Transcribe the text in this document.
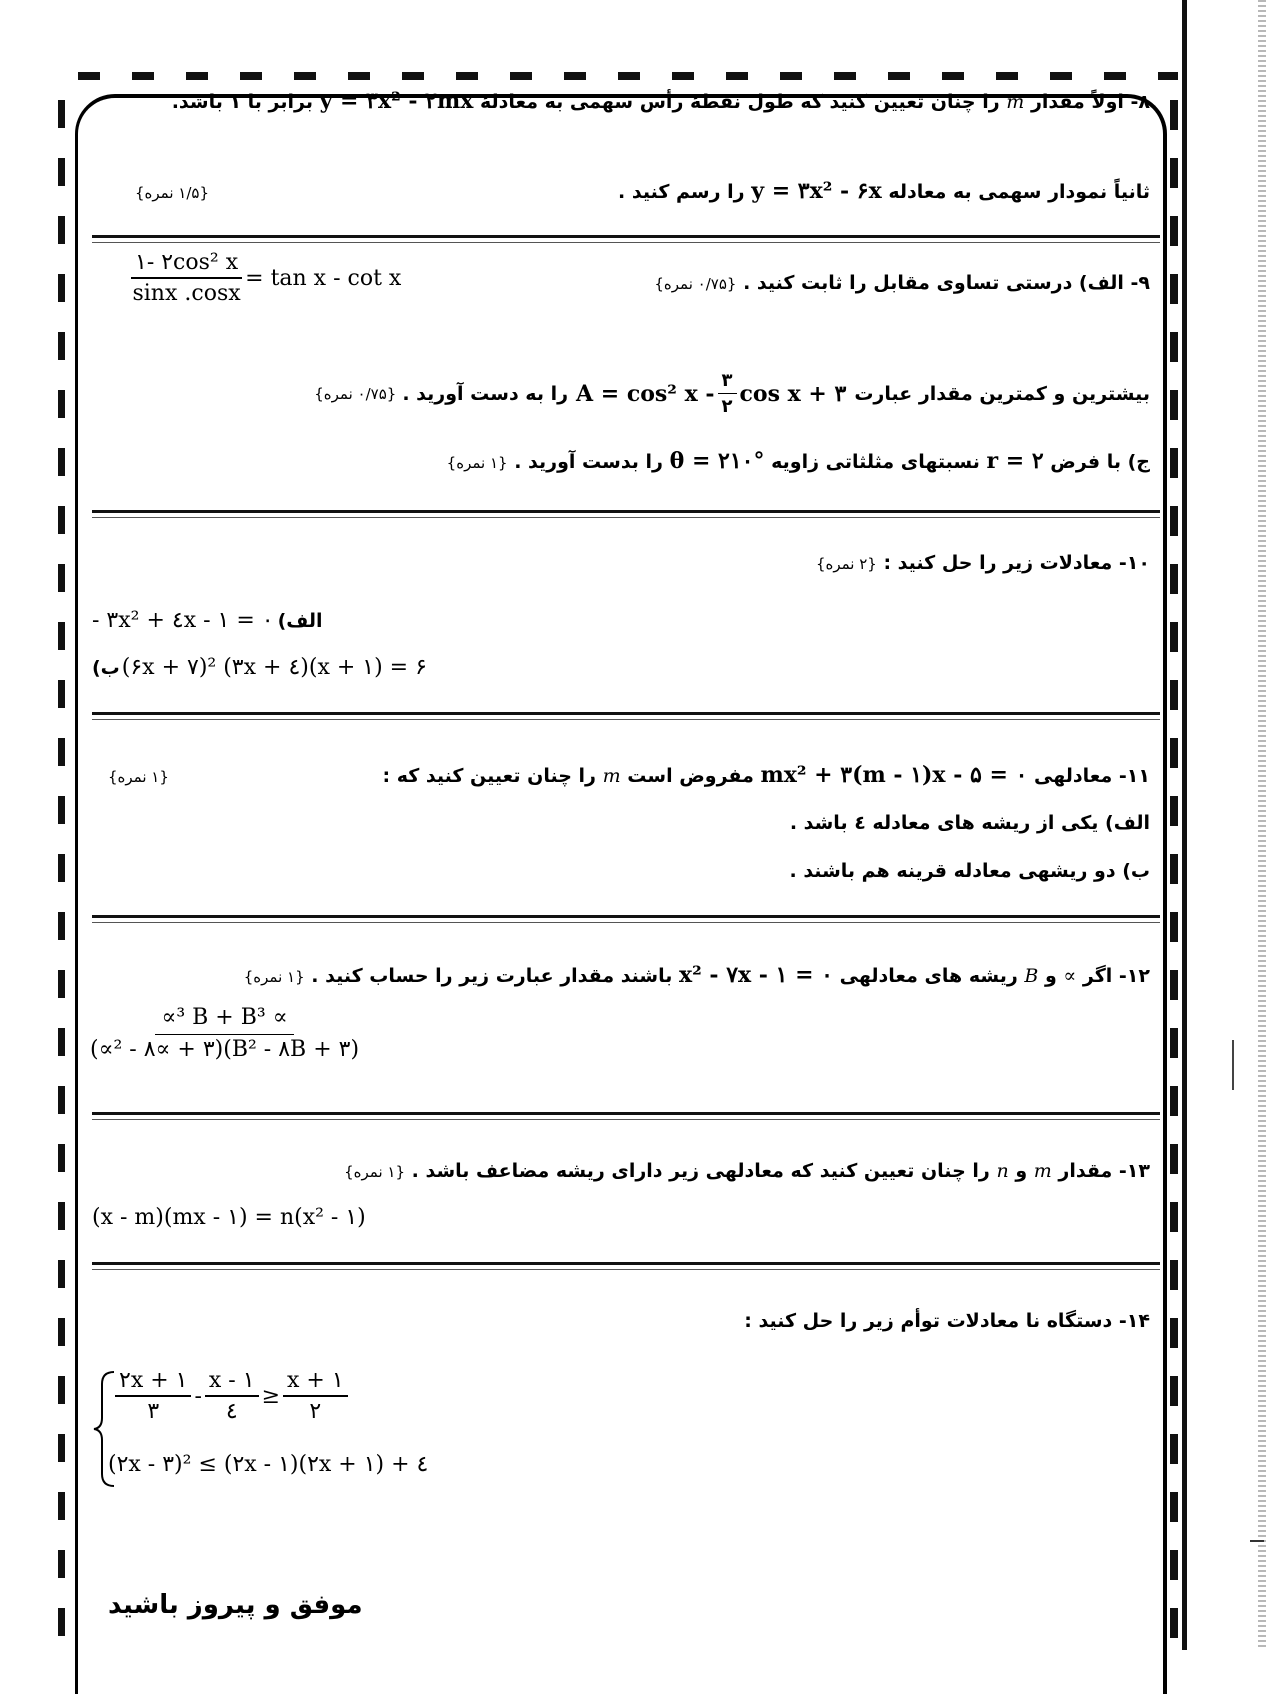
۸- اولاً مقدار m را چنان تعیین کنید که طول نقطهٔ رأس سهمی به معادلهٔ y = ۳x² - ۲mx برابر با ۱ باشد.
ثانیاً نمودار سهمی به معادله y = ۳x² - ۶x را رسم کنید .
{۱/۵ نمره}
۹- الف) درستی تساوی مقابل را ثابت کنید . {۰/۷۵ نمره}
$\frac{\text{۱- ۲cos² x}}{\sin x .\cos x} = \tan x - \cot x$
بیشترین و کمترین مقدار عبارت
A = cos² x - $\frac{۳}{۲}$ cos x + ۳
را به دست آورید .
{۰/۷۵ نمره}
ج) با فرض r = ۲ نسبتهای مثلثاتی زاویه θ = ۲۱۰° را بدست آورید . {۱ نمره}
۱۰- معادلات زیر را حل کنید : {۲ نمره}
- ۳x² + ٤x - ۱ = ۰ الف)
ب) (۶x + ۷)² (۳x + ٤)(x + ۱) = ۶
۱۱- معادلهی mx² + ۳(m - ۱)x - ۵ = ۰ مفروض است m را چنان تعیین کنید که :
{۱ نمره}
الف) یکی از ریشه های معادله ٤ باشد .
ب) دو ریشهی معادله قرینه هم باشند .
۱۲- اگر ∝ و B ریشه های معادلهی x² - ۷x - ۱ = ۰ باشند مقدار عبارت زیر را حساب کنید . {۱ نمره}
$\frac{\text{∝³ B + B³ ∝}}{\text{(∝² - ۸∝ + ۳)(B² - ۸B + ۳)}}$
۱۳- مقدار m و n را چنان تعیین کنید که معادلهی زیر دارای ریشه مضاعف باشد . {۱ نمره}
(x - m)(mx - ۱) = n(x² - ۱)
۱۴- دستگاه نا معادلات توأم زیر را حل کنید :
$\frac{۲x + ۱}{۳} - \frac{x - ۱}{٤} \ge \frac{x + ۱}{۲}$
(۲x - ۳)² ≤ (۲x - ۱)(۲x + ۱) + ٤
موفق و پیروز باشید
